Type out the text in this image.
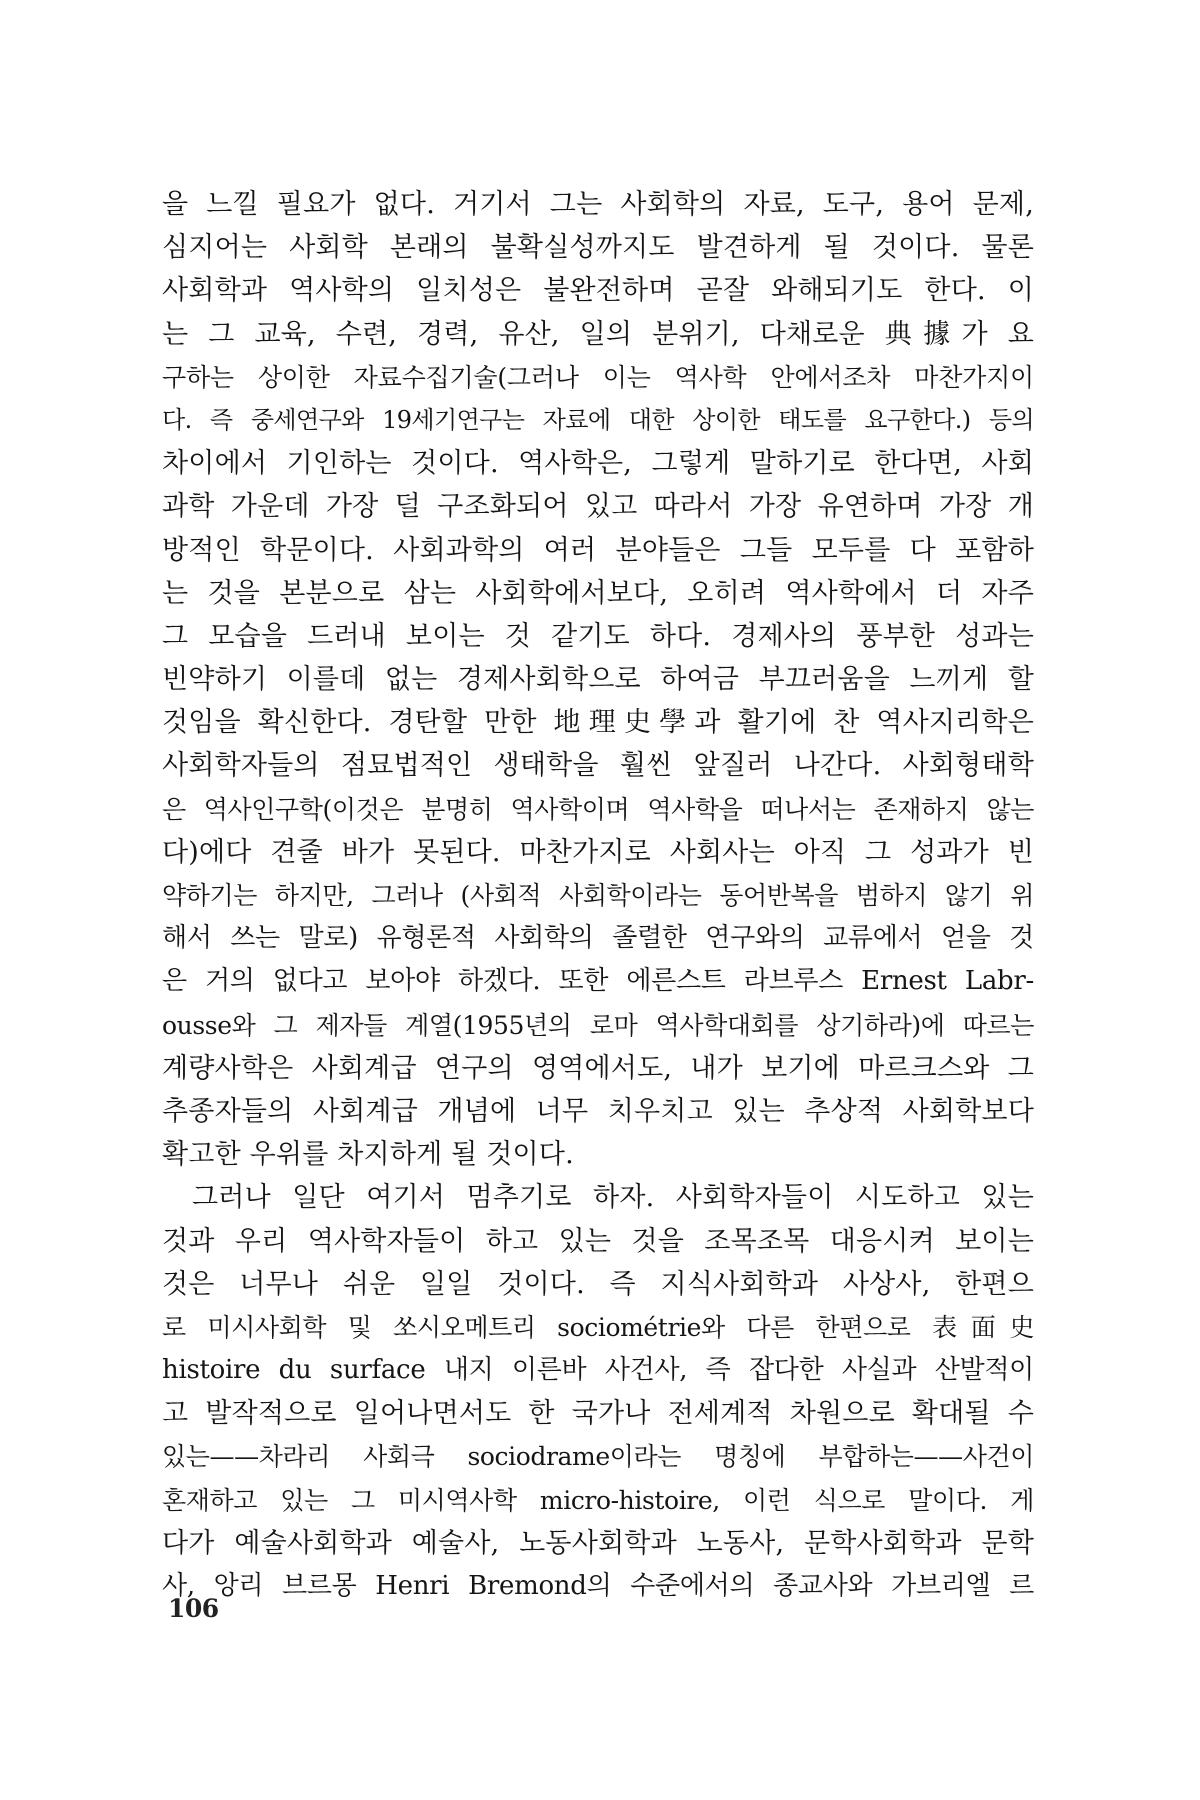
을 느낄 필요가 없다. 거기서 그는 사회학의 자료, 도구, 용어 문제,
심지어는 사회학 본래의 불확실성까지도 발견하게 될 것이다. 물론
사회학과 역사학의 일치성은 불완전하며 곧잘 와해되기도 한다. 이
는 그 교육, 수련, 경력, 유산, 일의 분위기, 다채로운 典據가 요
구하는 상이한 자료수집기술(그러나 이는 역사학 안에서조차 마찬가지이
다. 즉 중세연구와 19세기연구는 자료에 대한 상이한 태도를 요구한다.) 등의
차이에서 기인하는 것이다. 역사학은, 그렇게 말하기로 한다면, 사회
과학 가운데 가장 덜 구조화되어 있고 따라서 가장 유연하며 가장 개
방적인 학문이다. 사회과학의 여러 분야들은 그들 모두를 다 포함하
는 것을 본분으로 삼는 사회학에서보다, 오히려 역사학에서 더 자주
그 모습을 드러내 보이는 것 같기도 하다. 경제사의 풍부한 성과는
빈약하기 이를데 없는 경제사회학으로 하여금 부끄러움을 느끼게 할
것임을 확신한다. 경탄할 만한 地理史學과 활기에 찬 역사지리학은
사회학자들의 점묘법적인 생태학을 훨씬 앞질러 나간다. 사회형태학
은 역사인구학(이것은 분명히 역사학이며 역사학을 떠나서는 존재하지 않는
다)에다 견줄 바가 못된다. 마찬가지로 사회사는 아직 그 성과가 빈
약하기는 하지만, 그러나 (사회적 사회학이라는 동어반복을 범하지 않기 위
해서 쓰는 말로) 유형론적 사회학의 졸렬한 연구와의 교류에서 얻을 것
은 거의 없다고 보아야 하겠다. 또한 에른스트 라브루스 Ernest Labr-
ousse와 그 제자들 계열(1955년의 로마 역사학대회를 상기하라)에 따르는
계량사학은 사회계급 연구의 영역에서도, 내가 보기에 마르크스와 그
추종자들의 사회계급 개념에 너무 치우치고 있는 추상적 사회학보다
확고한 우위를 차지하게 될 것이다.
그러나 일단 여기서 멈추기로 하자. 사회학자들이 시도하고 있는
것과 우리 역사학자들이 하고 있는 것을 조목조목 대응시켜 보이는
것은 너무나 쉬운 일일 것이다. 즉 지식사회학과 사상사, 한편으
로 미시사회학 및 쏘시오메트리 sociométrie와 다른 한편으로 表面史
histoire du surface 내지 이른바 사건사, 즉 잡다한 사실과 산발적이
고 발작적으로 일어나면서도 한 국가나 전세계적 차원으로 확대될 수
있는——차라리 사회극 sociodrame이라는 명칭에 부합하는——사건이
혼재하고 있는 그 미시역사학 micro-histoire, 이런 식으로 말이다. 게
다가 예술사회학과 예술사, 노동사회학과 노동사, 문학사회학과 문학
사, 앙리 브르몽 Henri Bremond의 수준에서의 종교사와 가브리엘 르
106
